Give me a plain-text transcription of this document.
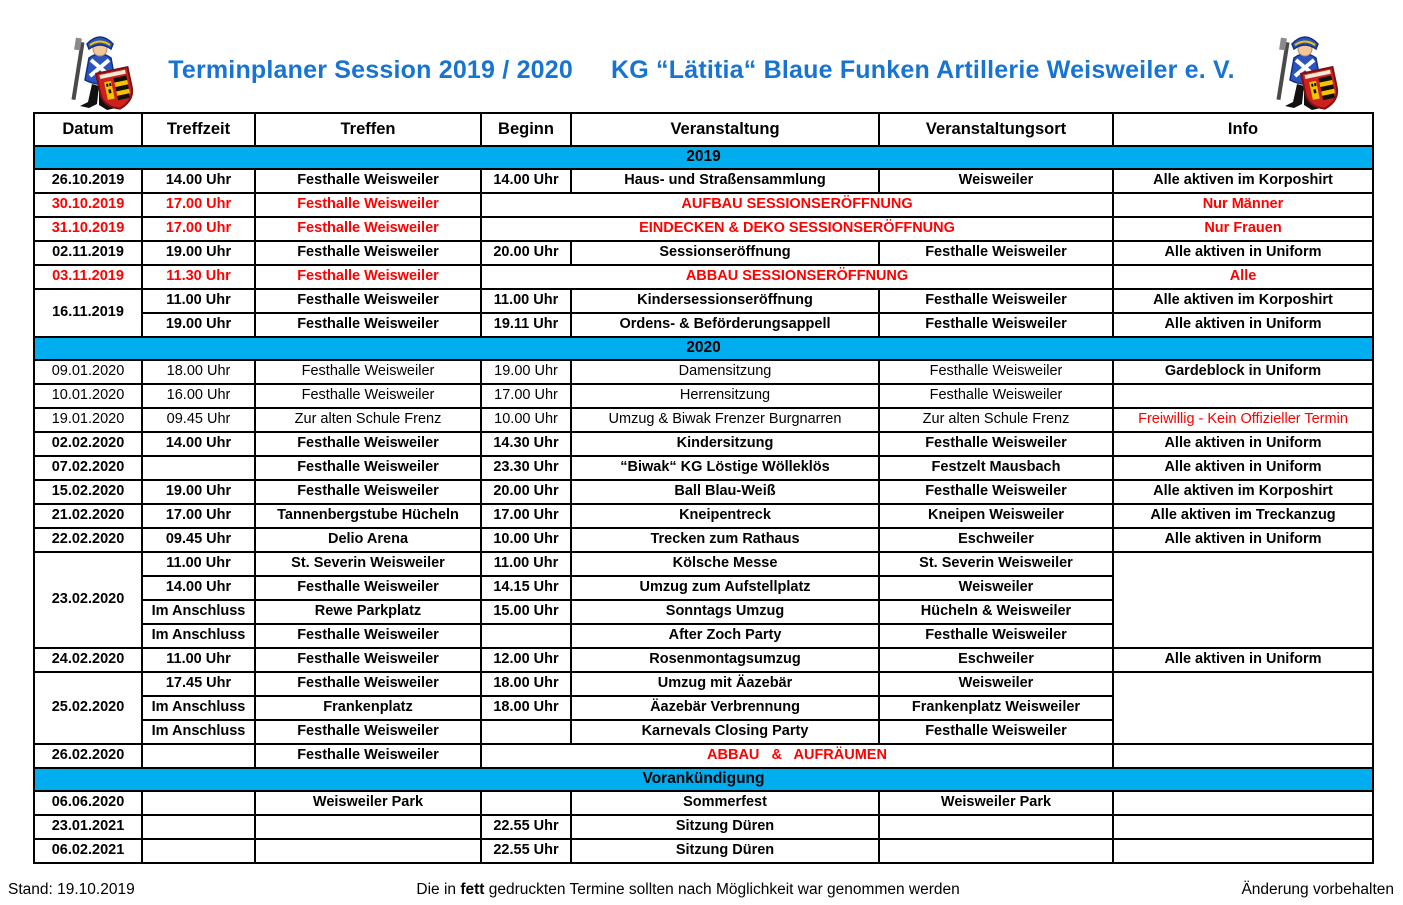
Terminplaner Session 2019 / 2020 KG “Lätitia“ Blaue Funken Artillerie Weisweiler e. V.
Datum	Treffzeit	Treffen	Beginn	Veranstaltung	Veranstaltungsort	Info
2019						
26.10.2019	14.00 Uhr	Festhalle Weisweiler	14.00 Uhr	Haus- und Straßensammlung	Weisweiler	Alle aktiven im Korposhirt
30.10.2019	17.00 Uhr	Festhalle Weisweiler	AUFBAU SESSIONSERÖFFNUNG			Nur Männer
31.10.2019	17.00 Uhr	Festhalle Weisweiler	EINDECKEN & DEKO SESSIONSERÖFFNUNG			Nur Frauen
02.11.2019	19.00 Uhr	Festhalle Weisweiler	20.00 Uhr	Sessionseröffnung	Festhalle Weisweiler	Alle aktiven in Uniform
03.11.2019	11.30 Uhr	Festhalle Weisweiler	ABBAU SESSIONSERÖFFNUNG			Alle
16.11.2019	11.00 Uhr	Festhalle Weisweiler	11.00 Uhr	Kindersessionseröffnung	Festhalle Weisweiler	Alle aktiven im Korposhirt
	19.00 Uhr	Festhalle Weisweiler	19.11 Uhr	Ordens- & Beförderungsappell	Festhalle Weisweiler	Alle aktiven in Uniform
2020						
09.01.2020	18.00 Uhr	Festhalle Weisweiler	19.00 Uhr	Damensitzung	Festhalle Weisweiler	Gardeblock in Uniform
10.01.2020	16.00 Uhr	Festhalle Weisweiler	17.00 Uhr	Herrensitzung	Festhalle Weisweiler	
19.01.2020	09.45 Uhr	Zur alten Schule Frenz	10.00 Uhr	Umzug & Biwak Frenzer Burgnarren	Zur alten Schule Frenz	Freiwillig - Kein Offizieller Termin
02.02.2020	14.00 Uhr	Festhalle Weisweiler	14.30 Uhr	Kindersitzung	Festhalle Weisweiler	Alle aktiven in Uniform
07.02.2020		Festhalle Weisweiler	23.30 Uhr	“Biwak“ KG Löstige Wölleklös	Festzelt Mausbach	Alle aktiven in Uniform
15.02.2020	19.00 Uhr	Festhalle Weisweiler	20.00 Uhr	Ball Blau-Weiß	Festhalle Weisweiler	Alle aktiven im Korposhirt
21.02.2020	17.00 Uhr	Tannenbergstube Hücheln	17.00 Uhr	Kneipentreck	Kneipen Weisweiler	Alle aktiven im Treckanzug
22.02.2020	09.45 Uhr	Delio Arena	10.00 Uhr	Trecken zum Rathaus	Eschweiler	Alle aktiven in Uniform
23.02.2020	11.00 Uhr	St. Severin Weisweiler	11.00 Uhr	Kölsche Messe	St. Severin Weisweiler	
	14.00 Uhr	Festhalle Weisweiler	14.15 Uhr	Umzug zum Aufstellplatz	Weisweiler	
	Im Anschluss	Rewe Parkplatz	15.00 Uhr	Sonntags Umzug	Hücheln & Weisweiler	
	Im Anschluss	Festhalle Weisweiler		After Zoch Party	Festhalle Weisweiler	
24.02.2020	11.00 Uhr	Festhalle Weisweiler	12.00 Uhr	Rosenmontagsumzug	Eschweiler	Alle aktiven in Uniform
25.02.2020	17.45 Uhr	Festhalle Weisweiler	18.00 Uhr	Umzug mit Äazebär	Weisweiler	
	Im Anschluss	Frankenplatz	18.00 Uhr	Äazebär Verbrennung	Frankenplatz Weisweiler	
	Im Anschluss	Festhalle Weisweiler		Karnevals Closing Party	Festhalle Weisweiler	
26.02.2020		Festhalle Weisweiler	ABBAU   &   AUFRÄUMEN			
Vorankündigung						
06.06.2020		Weisweiler Park		Sommerfest	Weisweiler Park	
23.01.2021			22.55 Uhr	Sitzung Düren		
06.02.2021			22.55 Uhr	Sitzung Düren		
Stand: 19.10.2019	Die in fett gedruckten Termine sollten nach Möglichkeit war genommen werden	Änderung vorbehalten
